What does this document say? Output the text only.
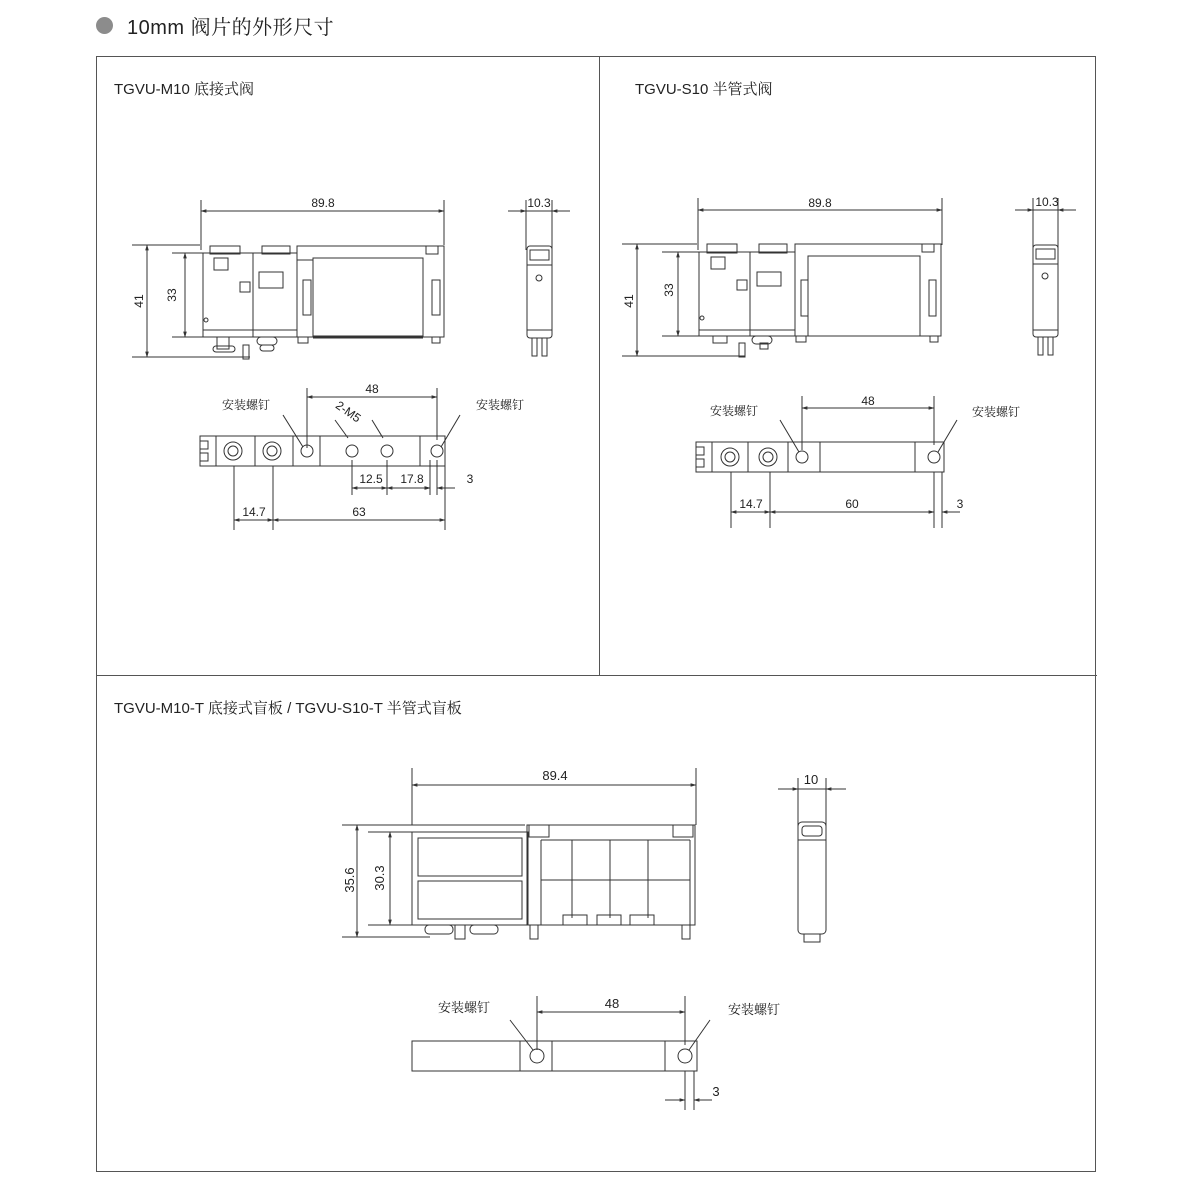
10mm 阀片的外形尺寸
TGVU-M10 底接式阀	TGVU-S10 半管式阀
TGVU-M10-T 底接式盲板 / TGVU-S10-T 半管式盲板
89.8	10.3
41 33
48
2-M5
安装螺钉	安装螺钉
12.5 17.8	3
14.7	63
89.8	10.3
41
33
48
安装螺钉	安装螺钉
14.7	60	3
89.4	10
35.6 30.3
48
安装螺钉	安装螺钉
3
